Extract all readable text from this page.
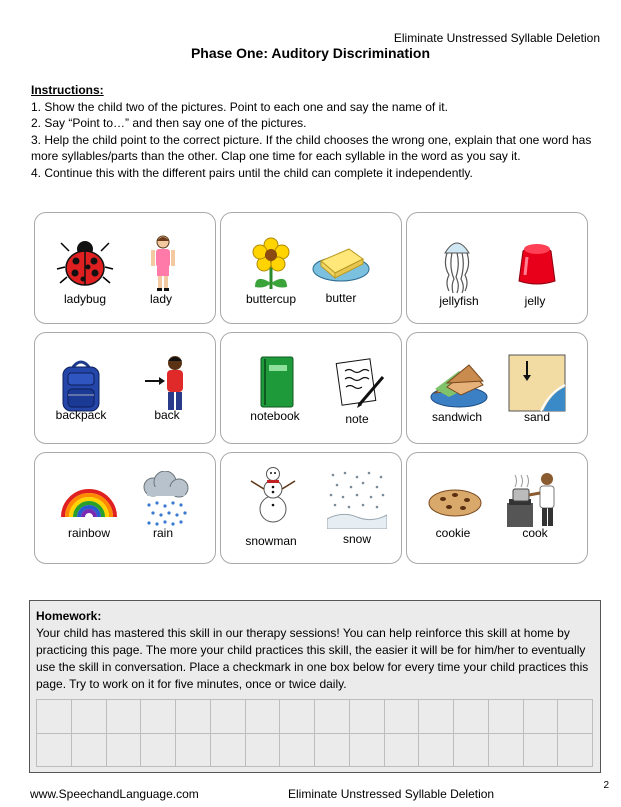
Eliminate Unstressed Syllable Deletion
Phase One: Auditory Discrimination

Instructions:

1. Show the child two of the pictures. Point to each one and say the name of it.

2. Say “Point to…” and then say one of the pictures.

3. Help the child point to the correct picture. If the child chooses the wrong one, explain that one word has more syllables/parts than the other. Clap one time for each syllable in the word as you say it.

4. Continue this with the different pairs until the child can complete it independently.

ladybug	lady	buttercup butter	jellyfish	jelly
backpack	back	notebook	note	sandwich	sand
rainbow	rain
snowman	snow	cookie	cook
Homework:
Your child has mastered this skill in our therapy sessions! You can help reinforce this skill at home by practicing this page. The more your child practices this skill, the easier it will be for him/her to eventually use the skill in conversation. Place a checkmark in one box below for every time your child practices this page. Try to work on it for five minutes, once or twice daily.

www.SpeechandLanguage.com	Eliminate Unstressed Syllable Deletion
2
